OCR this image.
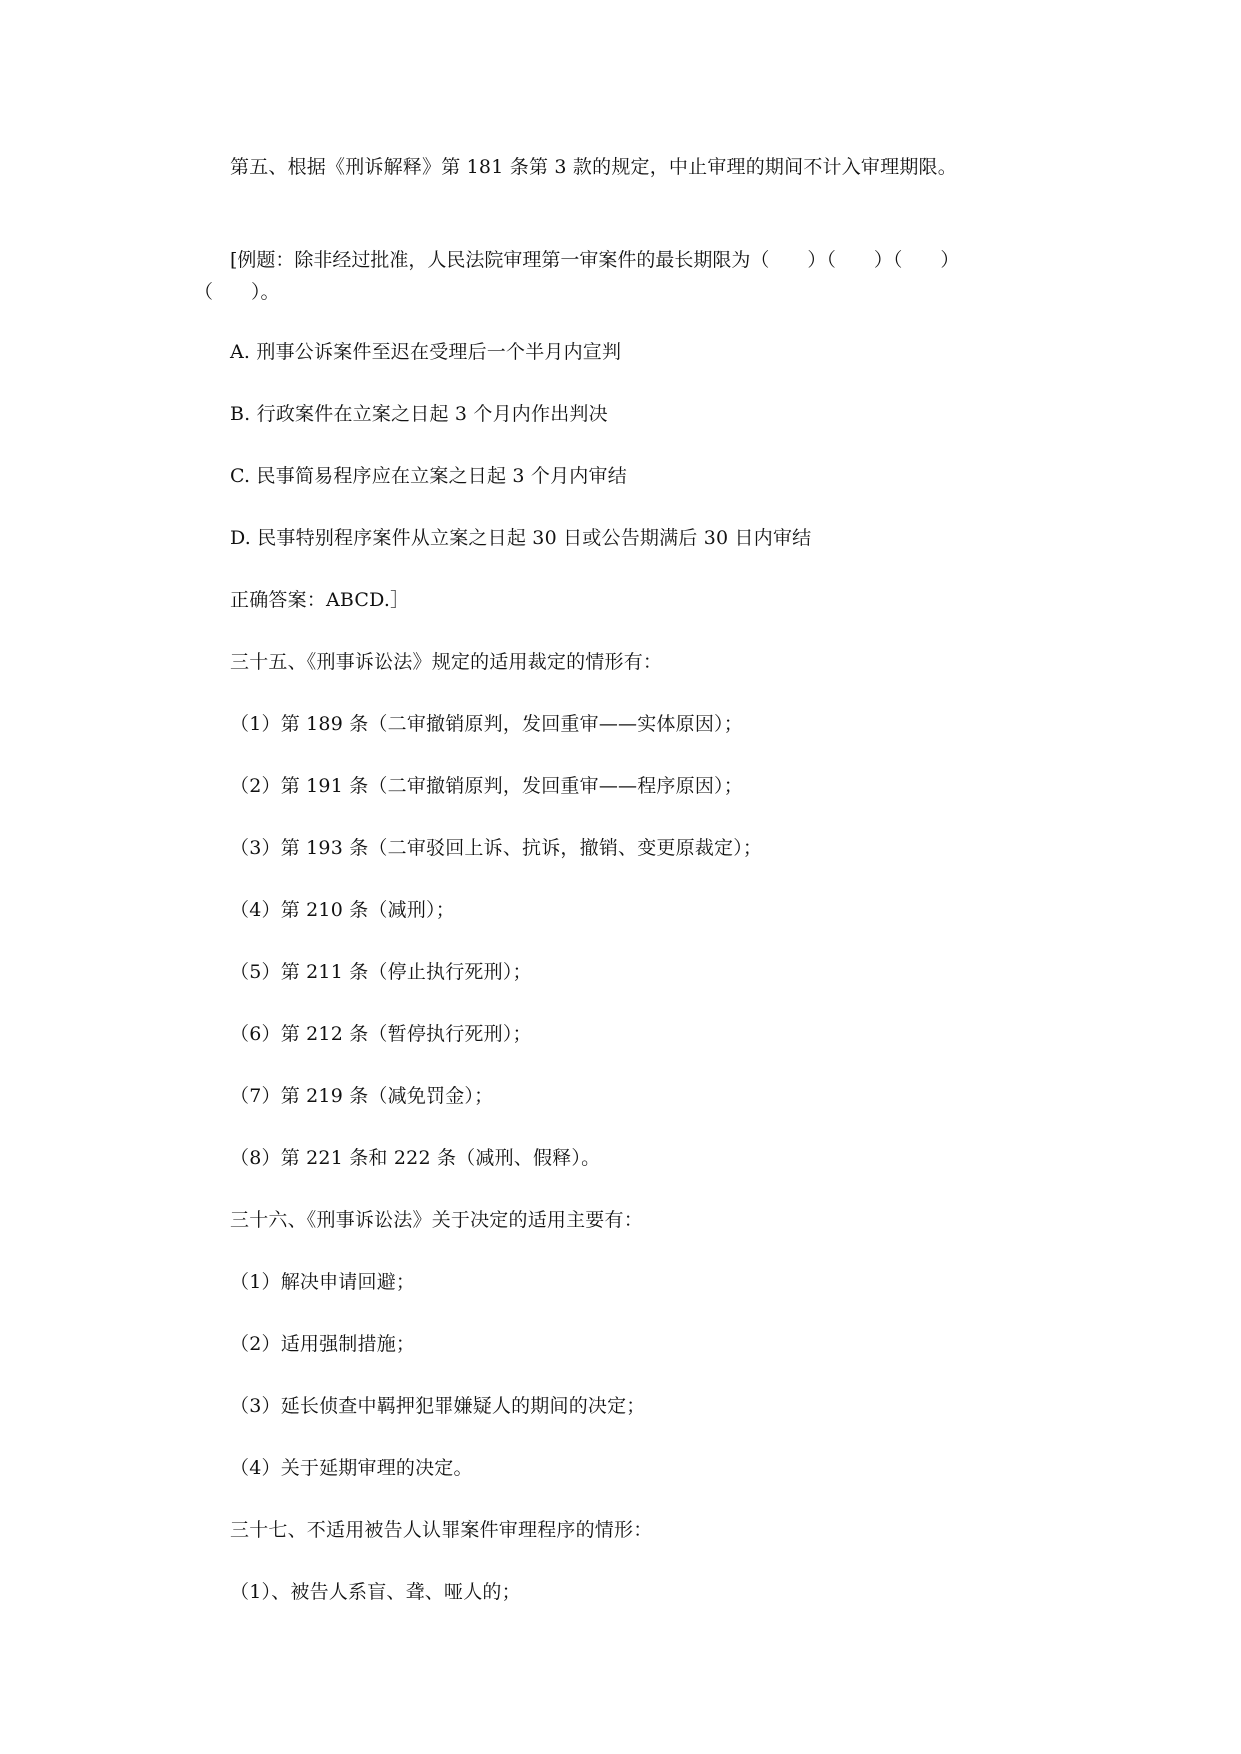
第五、根据《刑诉解释》第 181 条第 3 款的规定，中止审理的期间不计入审理期限。
[例题：除非经过批准，人民法院审理第一审案件的最长期限为（　　）（　　）（　　）
（　　）。
A. 刑事公诉案件至迟在受理后一个半月内宣判
B. 行政案件在立案之日起 3 个月内作出判决
C. 民事简易程序应在立案之日起 3 个月内审结
D. 民事特别程序案件从立案之日起 30 日或公告期满后 30 日内审结
正确答案：ABCD.］
三十五、《刑事诉讼法》规定的适用裁定的情形有：
（1）第 189 条（二审撤销原判，发回重审——实体原因）；
（2）第 191 条（二审撤销原判，发回重审——程序原因）；
（3）第 193 条（二审驳回上诉、抗诉，撤销、变更原裁定）；
（4）第 210 条（减刑）；
（5）第 211 条（停止执行死刑）；
（6）第 212 条（暂停执行死刑）；
（7）第 219 条（减免罚金）；
（8）第 221 条和 222 条（减刑、假释）。
三十六、《刑事诉讼法》关于决定的适用主要有：
（1）解决申请回避；
（2）适用强制措施；
（3）延长侦查中羁押犯罪嫌疑人的期间的决定；
（4）关于延期审理的决定。
三十七、不适用被告人认罪案件审理程序的情形：
（1）、被告人系盲、聋、哑人的；
